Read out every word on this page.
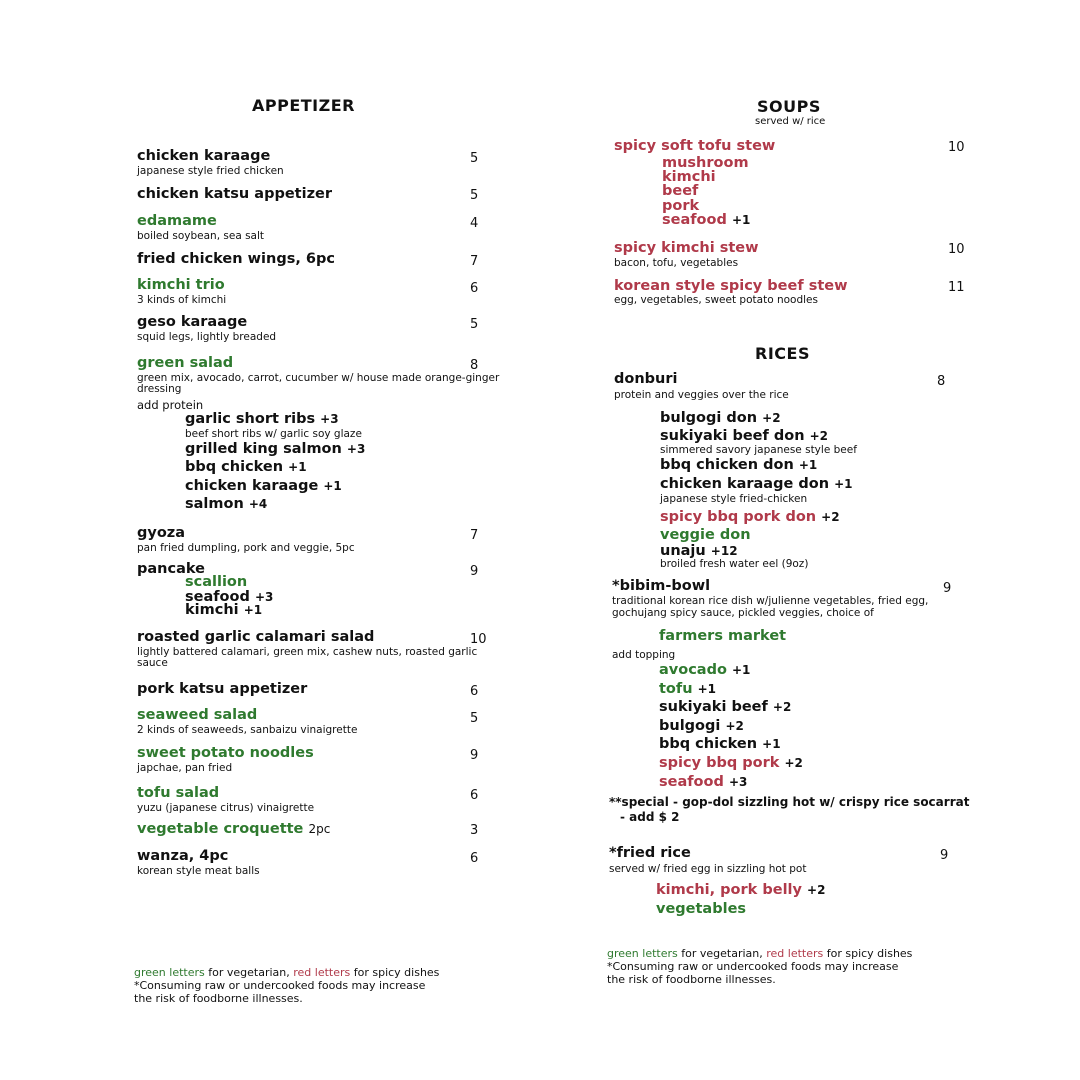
APPETIZER
chicken karaage
japanese style fried chicken
5
chicken katsu appetizer	5
edamame
boiled soybean, sea salt
4
fried chicken wings, 6pc	7
kimchi trio
3 kinds of kimchi
6
geso karaage
squid legs, lightly breaded
5
green salad
green mix, avocado, carrot, cucumber w/ house made orange-ginger
dressing
8
add protein
garlic short ribs +3
beef short ribs w/ garlic soy glaze
grilled king salmon +3
bbq chicken +1
chicken karaage +1
salmon +4
gyoza
pan fried dumpling, pork and veggie, 5pc
7
pancake	9
scallion
seafood +3
kimchi +1
roasted garlic calamari salad
lightly battered calamari, green mix, cashew nuts, roasted garlic
sauce
10
pork katsu appetizer	6
seaweed salad
2 kinds of seaweeds, sanbaizu vinaigrette
5
sweet potato noodles
japchae, pan fried
9
tofu salad
yuzu (japanese citrus) vinaigrette
6
vegetable croquette 2pc	3
wanza, 4pc
korean style meat balls
6
green letters for vegetarian, red letters for spicy dishes
*Consuming raw or undercooked foods may increase
the risk of foodborne illnesses.
SOUPS
served w/ rice
spicy soft tofu stew	10
mushroom
kimchi
beef
pork
seafood +1
spicy kimchi stew
bacon, tofu, vegetables
10
korean style spicy beef stew
egg, vegetables, sweet potato noodles
11
RICES
donburi
protein and veggies over the rice
8
bulgogi don +2
sukiyaki beef don +2
simmered savory japanese style beef
bbq chicken don +1
chicken karaage don +1
japanese style fried-chicken
spicy bbq pork don +2
veggie don
unaju +12
broiled fresh water eel (9oz)
*bibim-bowl	9
traditional korean rice dish w/julienne vegetables, fried egg,
gochujang spicy sauce, pickled veggies, choice of
farmers market
add topping
avocado +1
tofu +1
sukiyaki beef +2
bulgogi +2
bbq chicken +1
spicy bbq pork +2
seafood +3
**special - gop-dol sizzling hot w/ crispy rice socarrat
- add $ 2
*fried rice
served w/ fried egg in sizzling hot pot
9
kimchi, pork belly +2
vegetables
green letters for vegetarian, red letters for spicy dishes
*Consuming raw or undercooked foods may increase
the risk of foodborne illnesses.
